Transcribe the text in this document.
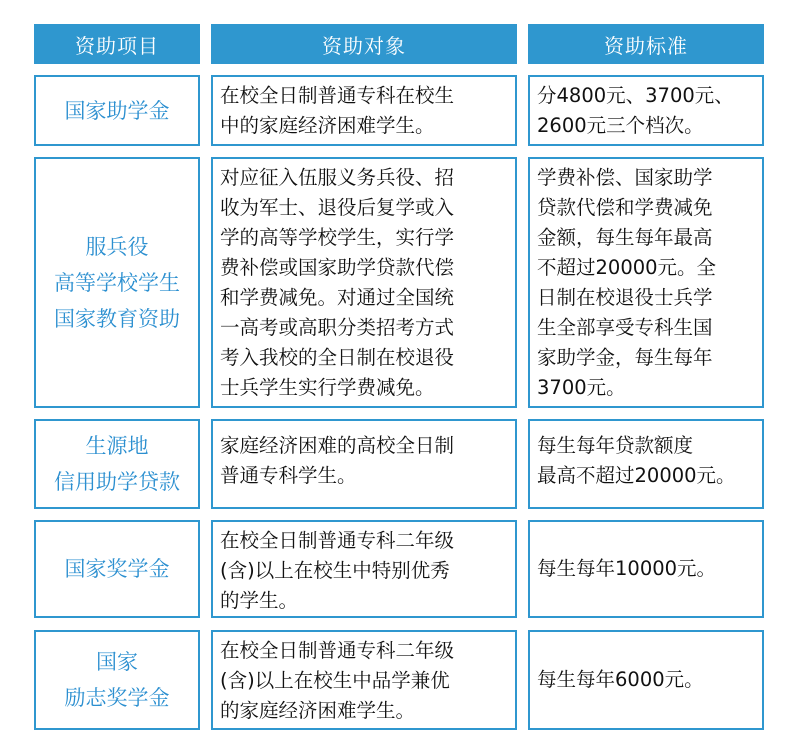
资助项目	资助对象	资助标准
国家助学金
在校全日制普通专科在校生
中的家庭经济困难学生。
分4800元、3700元、
2600元三个档次。
服兵役
高等学校学生
国家教育资助
对应征入伍服义务兵役、招
收为军士、退役后复学或入
学的高等学校学生，实行学
费补偿或国家助学贷款代偿
和学费减免。对通过全国统
一高考或高职分类招考方式
考入我校的全日制在校退役
士兵学生实行学费减免。
学费补偿、国家助学
贷款代偿和学费减免
金额，每生每年最高
不超过20000元。全
日制在校退役士兵学
生全部享受专科生国
家助学金，每生每年
3700元。
生源地
信用助学贷款
家庭经济困难的高校全日制
普通专科学生。
每生每年贷款额度
最高不超过20000元。
国家奖学金
在校全日制普通专科二年级
(含)以上在校生中特别优秀
的学生。
每生每年10000元。
国家
励志奖学金
在校全日制普通专科二年级
(含)以上在校生中品学兼优
的家庭经济困难学生。
每生每年6000元。
